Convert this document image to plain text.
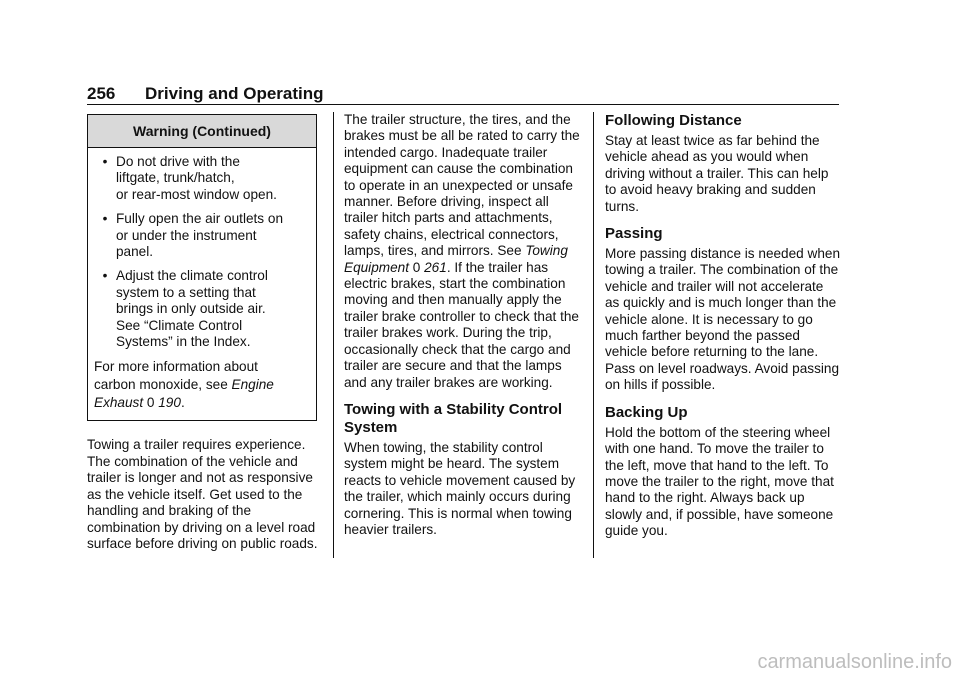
256 Driving and Operating
Warning (Continued)
• Do not drive with the
liftgate, trunk/hatch,
or rear-most window open.
• Fully open the air outlets on
or under the instrument
panel.
• Adjust the climate control
system to a setting that
brings in only outside air.
See “Climate Control
Systems” in the Index.
For more information about
carbon monoxide, see Engine
Exhaust 0 190.

Towing a trailer requires experience. The combination of the vehicle and trailer is longer and not as responsive as the vehicle itself. Get used to the handling and braking of the combination by driving on a level road surface before driving on public roads.

The trailer structure, the tires, and the brakes must be all be rated to carry the intended cargo. Inadequate trailer equipment can cause the combination to operate in an unexpected or unsafe manner. Before driving, inspect all trailer hitch parts and attachments, safety chains, electrical connectors, lamps, tires, and mirrors. See Towing Equipment 0 261. If the trailer has electric brakes, start the combination moving and then manually apply the trailer brake controller to check that the trailer brakes work. During the trip, occasionally check that the cargo and trailer are secure and that the lamps and any trailer brakes are working.

Towing with a Stability Control System

When towing, the stability control system might be heard. The system reacts to vehicle movement caused by the trailer, which mainly occurs during cornering. This is normal when towing heavier trailers.

Following Distance

Stay at least twice as far behind the vehicle ahead as you would when driving without a trailer. This can help to avoid heavy braking and sudden turns.

Passing

More passing distance is needed when towing a trailer. The combination of the vehicle and trailer will not accelerate as quickly and is much longer than the vehicle alone. It is necessary to go much farther beyond the passed vehicle before returning to the lane. Pass on level roadways. Avoid passing on hills if possible.

Backing Up

Hold the bottom of the steering wheel with one hand. To move the trailer to the left, move that hand to the left. To move the trailer to the right, move that hand to the right. Always back up slowly and, if possible, have someone guide you.

carmanualsonline.info
